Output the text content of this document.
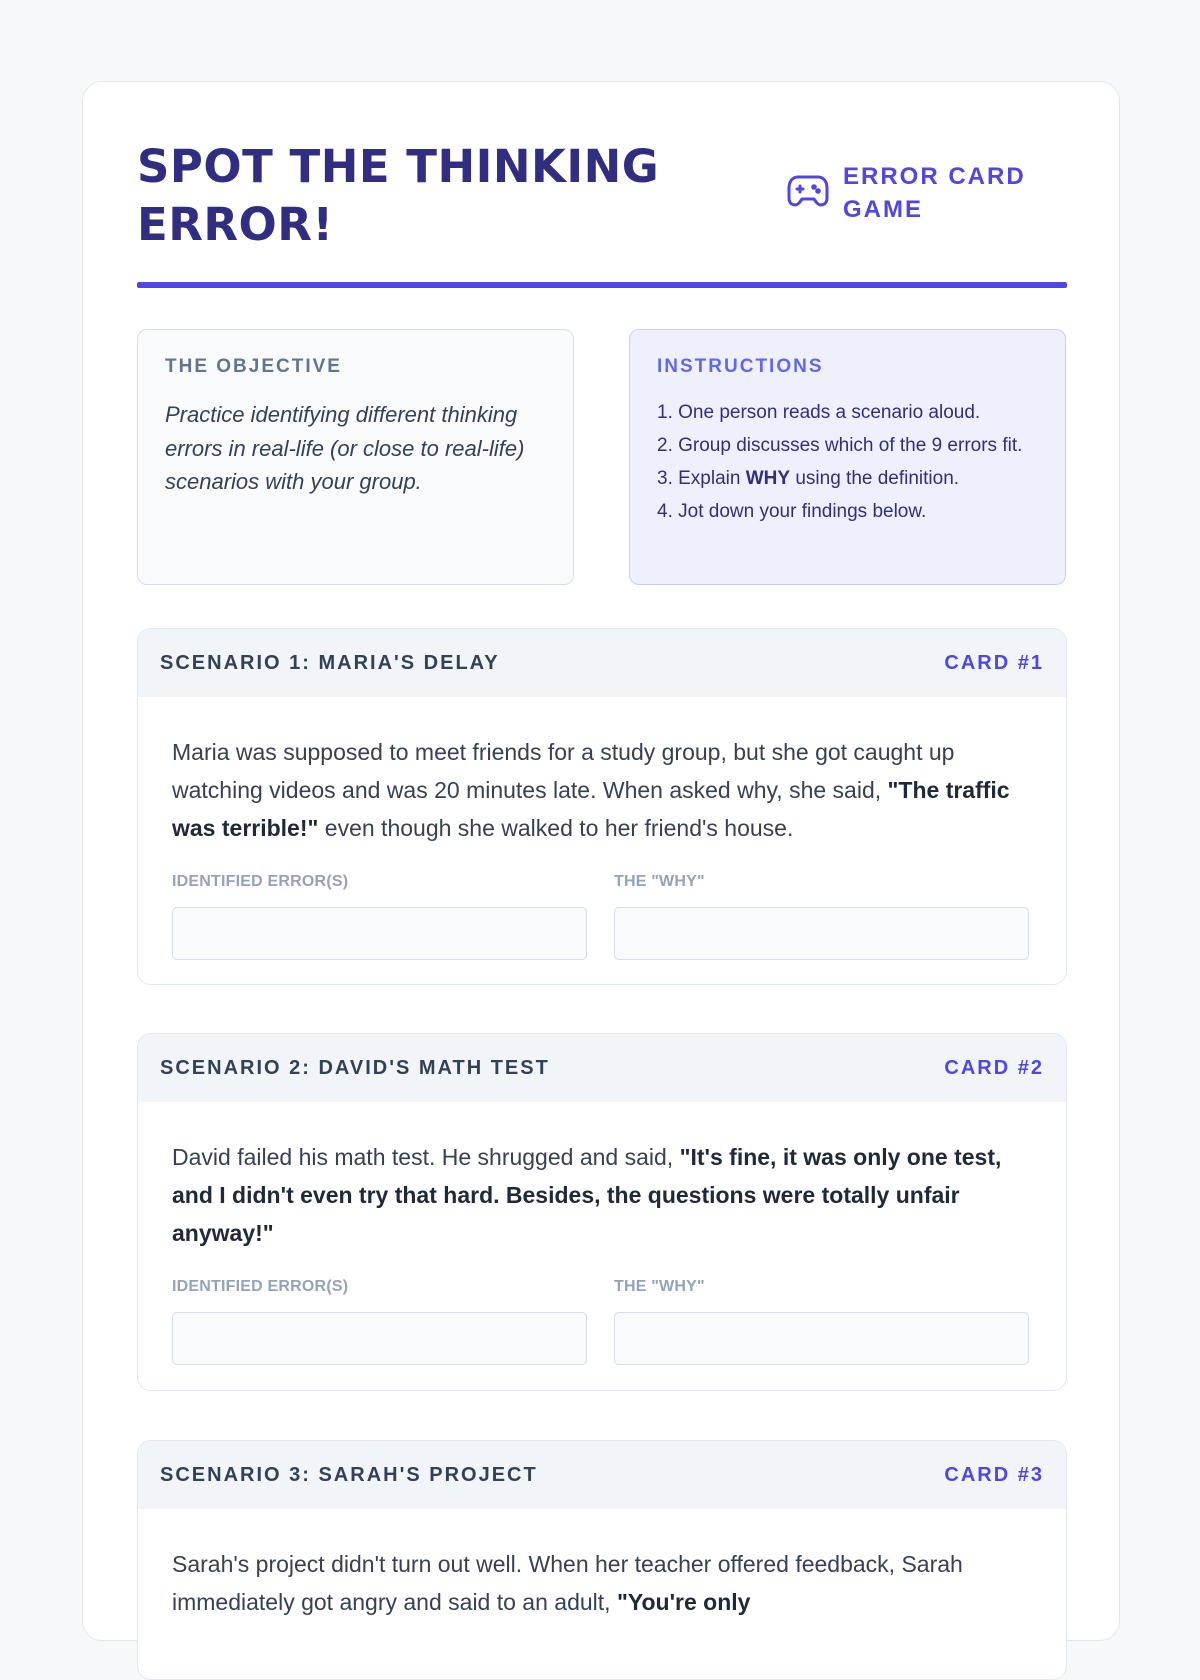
SPOT THE THINKING
ERROR!
ERROR CARD
GAME
THE OBJECTIVE

Practice identifying different thinking errors in real-life (or close to real-life) scenarios with your group.

INSTRUCTIONS
1. One person reads a scenario aloud.
2. Group discusses which of the 9 errors fit.
3. Explain WHY using the definition.
4. Jot down your findings below.
SCENARIO 1: MARIA'S DELAY	CARD #1

Maria was supposed to meet friends for a study group, but she got caught up watching videos and was 20 minutes late. When asked why, she said, "The traffic was terrible!" even though she walked to her friend's house.

IDENTIFIED ERROR(S)	THE "WHY"
SCENARIO 2: DAVID'S MATH TEST	CARD #2

David failed his math test. He shrugged and said, "It's fine, it was only one test, and I didn't even try that hard. Besides, the questions were totally unfair anyway!"

IDENTIFIED ERROR(S)	THE "WHY"
SCENARIO 3: SARAH'S PROJECT	CARD #3

Sarah's project didn't turn out well. When her teacher offered feedback, Sarah immediately got angry and said to an adult, "You're only
